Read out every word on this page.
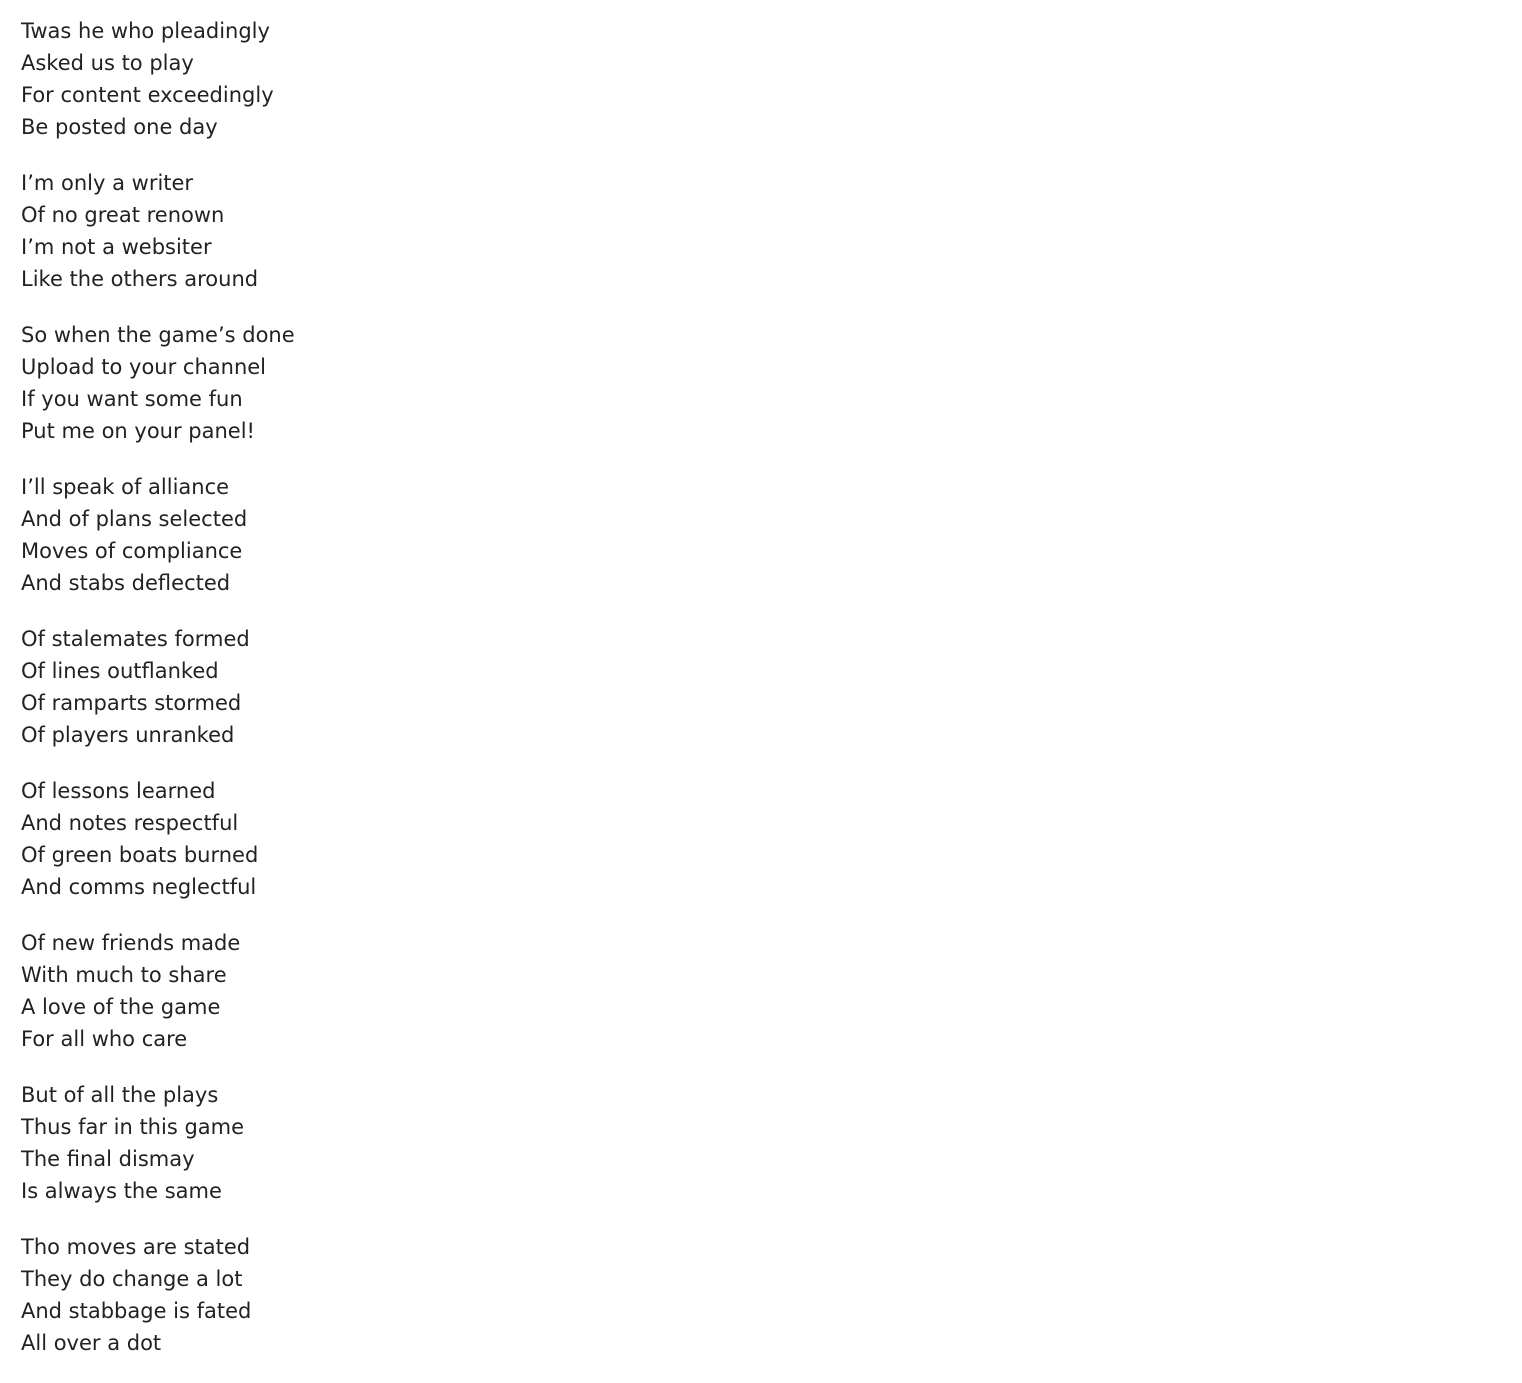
Twas he who pleadingly
Asked us to play
For content exceedingly
Be posted one day

I’m only a writer
Of no great renown
I’m not a websiter
Like the others around

So when the game’s done
Upload to your channel
If you want some fun
Put me on your panel!

I’ll speak of alliance
And of plans selected
Moves of compliance
And stabs deflected

Of stalemates formed
Of lines outflanked
Of ramparts stormed
Of players unranked

Of lessons learned
And notes respectful
Of green boats burned
And comms neglectful

Of new friends made
With much to share
A love of the game
For all who care

But of all the plays
Thus far in this game
The final dismay
Is always the same

Tho moves are stated
They do change a lot
And stabbage is fated
All over a dot
